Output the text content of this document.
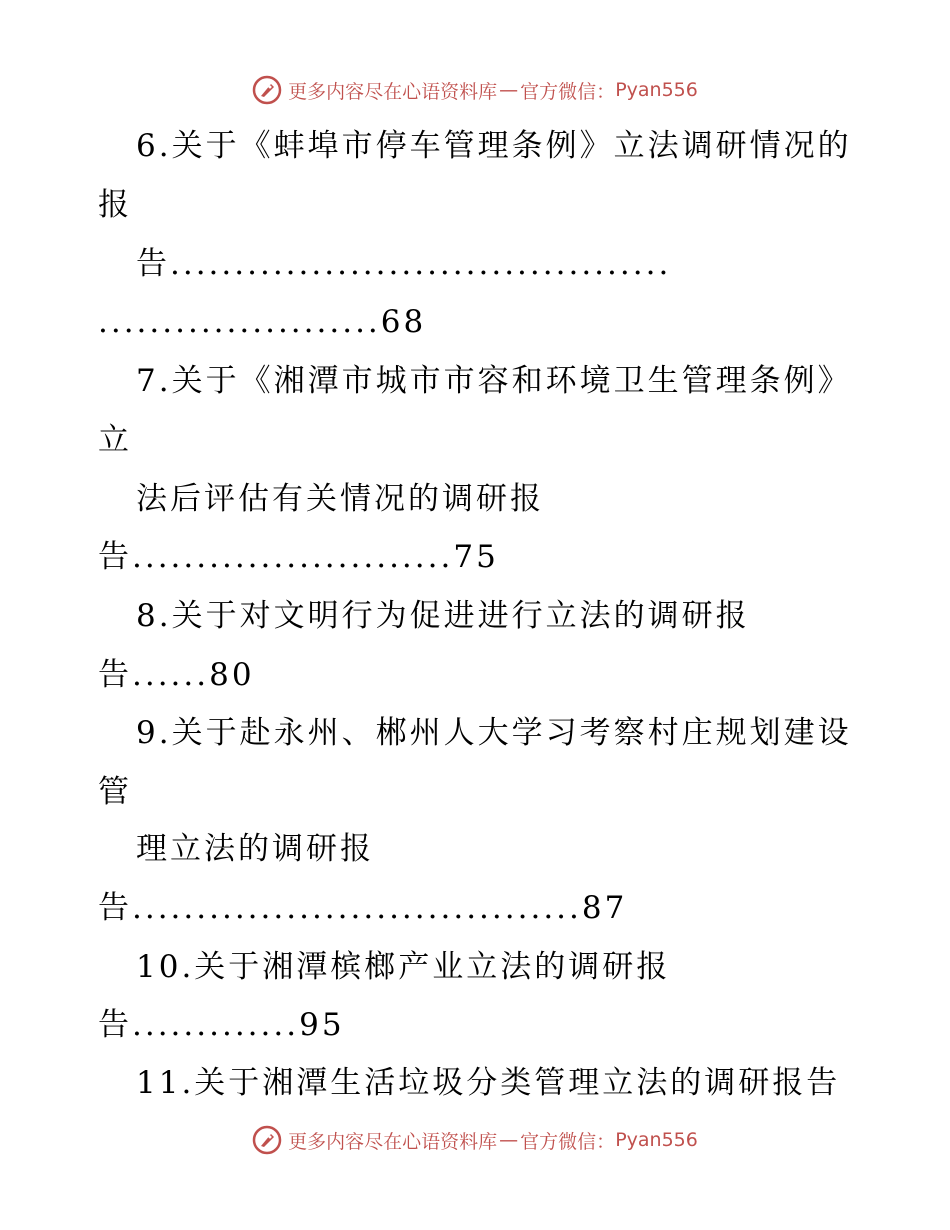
更多内容尽在心语资料库 — 官方微信： Pyan556
6.关于《蚌埠市停车管理条例》立法调研情况的
报
告.......................................
......................68
7.关于《湘潭市城市市容和环境卫生管理条例》
立
法后评估有关情况的调研报
告.........................75
8.关于对文明行为促进进行立法的调研报
告......80
9.关于赴永州、郴州人大学习考察村庄规划建设
管
理立法的调研报
告...................................87
10.关于湘潭槟榔产业立法的调研报
告.............95
11.关于湘潭生活垃圾分类管理立法的调研报告
更多内容尽在心语资料库 — 官方微信： Pyan556
